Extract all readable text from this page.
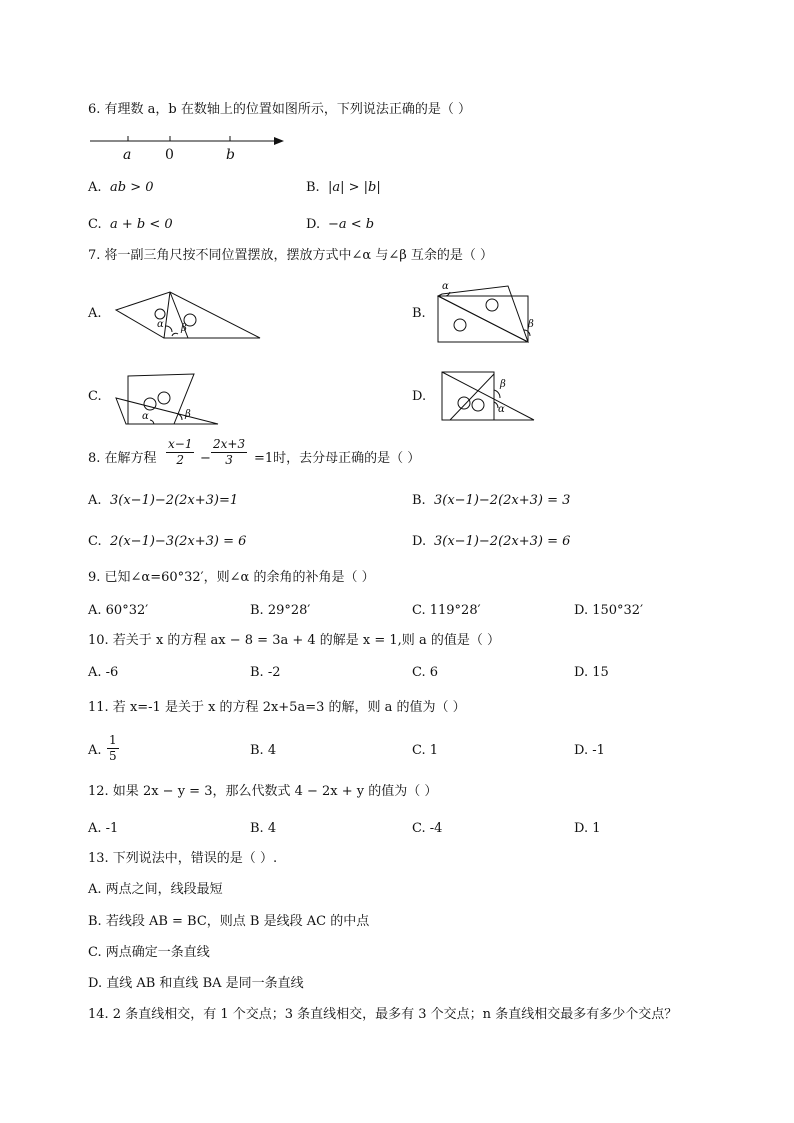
6. 有理数 a，b 在数轴上的位置如图所示，下列说法正确的是（ ）
a 0	b
A. ab > 0	B. |a| > |b|
C. a + b < 0	D. −a < b
7. 将一副三角尺按不同位置摆放，摆放方式中∠α 与∠β 互余的是（ ）
A.
α β
B.
α
β
C.
α	β
D.
β
α
8. 在解方程 $\frac{x-1}{2} - \frac{2x+3}{3} =1$时，去分母正确的是（ ）
A. 3(x−1)−2(2x+3)=1	B. 3(x−1)−2(2x+3) = 3
C. 2(x−1)−3(2x+3) = 6	D. 3(x−1)−2(2x+3) = 6
9. 已知∠α=60°32′，则∠α 的余角的补角是（ ）
A. 60°32′	B. 29°28′	C. 119°28′	D. 150°32′
10. 若关于 x 的方程 ax − 8 = 3a + 4 的解是 x = 1,则 a 的值是（ ）
A. -6	B. -2	C. 6	D. 15
11. 若 x=-1 是关于 x 的方程 2x+5a=3 的解，则 a 的值为（ ）
A. $\frac{1}{5}$	B. 4	C. 1	D. -1
12. 如果 2x − y = 3，那么代数式 4 − 2x + y 的值为（ ）
A. -1	B. 4	C. -4	D. 1
13. 下列说法中，错误的是（ ）.
A. 两点之间，线段最短
B. 若线段 AB = BC，则点 B 是线段 AC 的中点
C. 两点确定一条直线
D. 直线 AB 和直线 BA 是同一条直线
14. 2 条直线相交，有 1 个交点；3 条直线相交，最多有 3 个交点；n 条直线相交最多有多少个交点？
